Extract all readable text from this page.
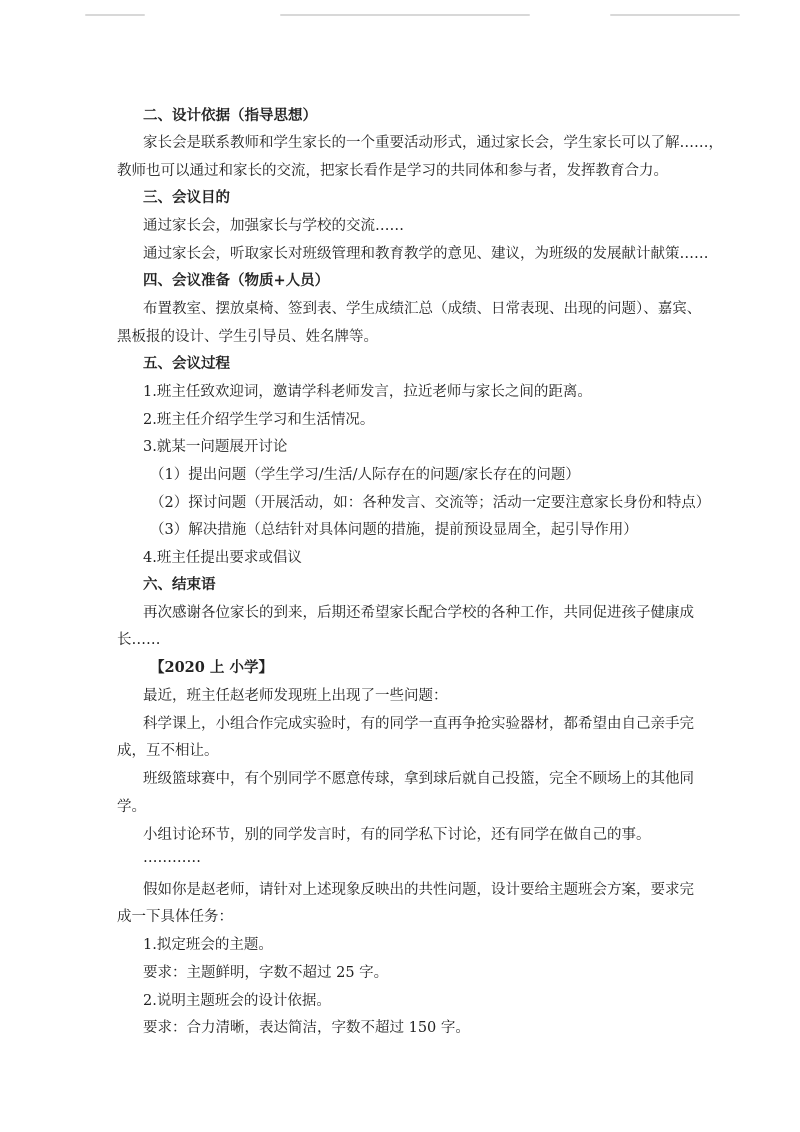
二、设计依据（指导思想）
家长会是联系教师和学生家长的一个重要活动形式，通过家长会，学生家长可以了解……，
教师也可以通过和家长的交流，把家长看作是学习的共同体和参与者，发挥教育合力。
三、会议目的
通过家长会，加强家长与学校的交流……
通过家长会，听取家长对班级管理和教育教学的意见、建议，为班级的发展献计献策……
四、会议准备（物质+人员）
布置教室、摆放桌椅、签到表、学生成绩汇总（成绩、日常表现、出现的问题）、嘉宾、
黑板报的设计、学生引导员、姓名牌等。
五、会议过程
1.班主任致欢迎词，邀请学科老师发言，拉近老师与家长之间的距离。
2.班主任介绍学生学习和生活情况。
3.就某一问题展开讨论
（1）提出问题（学生学习/生活/人际存在的问题/家长存在的问题）
（2）探讨问题（开展活动，如：各种发言、交流等；活动一定要注意家长身份和特点）
（3）解决措施（总结针对具体问题的措施，提前预设显周全，起引导作用）
4.班主任提出要求或倡议
六、结束语
再次感谢各位家长的到来，后期还希望家长配合学校的各种工作，共同促进孩子健康成
长……
【2020 上 小学】
最近，班主任赵老师发现班上出现了一些问题：
科学课上，小组合作完成实验时，有的同学一直再争抢实验器材，都希望由自己亲手完
成，互不相让。
班级篮球赛中，有个别同学不愿意传球，拿到球后就自己投篮，完全不顾场上的其他同
学。
小组讨论环节，别的同学发言时，有的同学私下讨论，还有同学在做自己的事。
…………
假如你是赵老师，请针对上述现象反映出的共性问题，设计要给主题班会方案，要求完
成一下具体任务：
1.拟定班会的主题。
要求：主题鲜明，字数不超过 25 字。
2.说明主题班会的设计依据。
要求：合力清晰，表达简洁，字数不超过 150 字。
